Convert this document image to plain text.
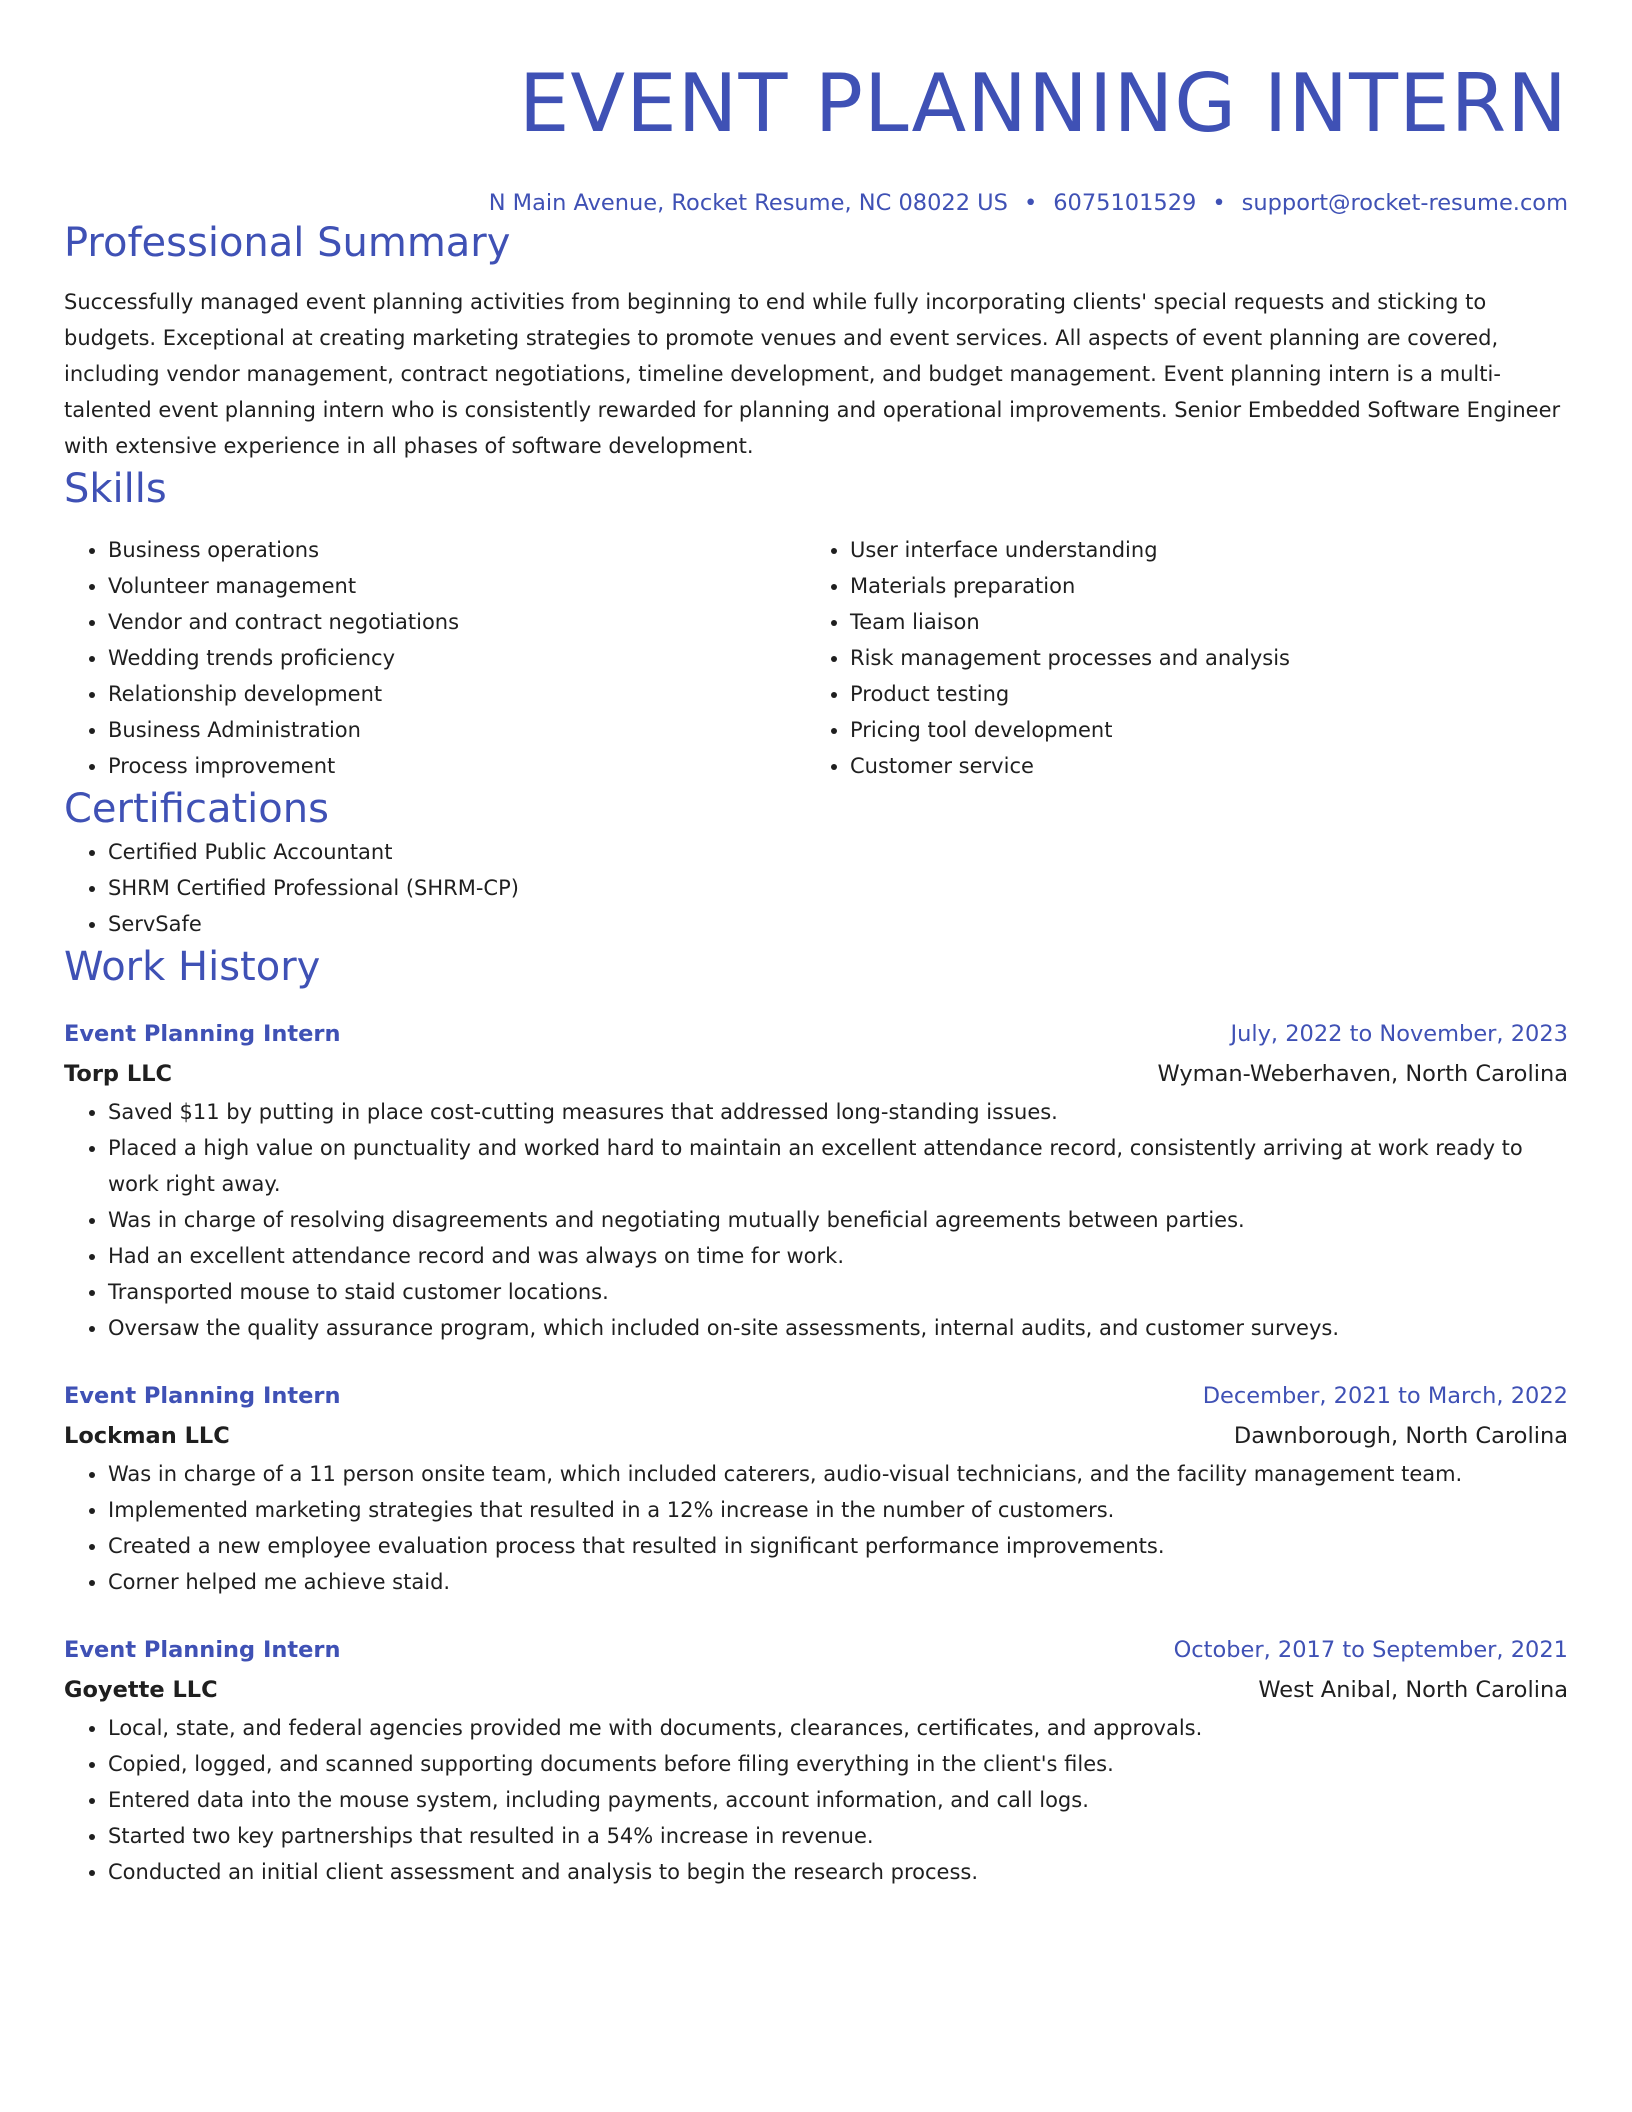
EVENT PLANNING INTERN
N Main Avenue, Rocket Resume, NC 08022 US • 6075101529 • support@rocket-resume.com
Professional Summary
Successfully managed event planning activities from beginning to end while fully incorporating clients' special requests and sticking to budgets. Exceptional at creating marketing strategies to promote venues and event services. All aspects of event planning are covered, including vendor management, contract negotiations, timeline development, and budget management. Event planning intern is a multi-talented event planning intern who is consistently rewarded for planning and operational improvements. Senior Embedded Software Engineer with extensive experience in all phases of software development.
Skills
• Business operations
• Volunteer management
• Vendor and contract negotiations
• Wedding trends proficiency
• Relationship development
• Business Administration
• Process improvement
• User interface understanding
• Materials preparation
• Team liaison
• Risk management processes and analysis
• Product testing
• Pricing tool development
• Customer service
Certifications
• Certified Public Accountant
• SHRM Certified Professional (SHRM-CP)
• ServSafe
Work History
Event Planning Intern	July, 2022 to November, 2023
Torp LLC	Wyman-Weberhaven, North Carolina
• Saved $11 by putting in place cost-cutting measures that addressed long-standing issues.
• Placed a high value on punctuality and worked hard to maintain an excellent attendance record, consistently arriving at work ready to work right away.
• Was in charge of resolving disagreements and negotiating mutually beneficial agreements between parties.
• Had an excellent attendance record and was always on time for work.
• Transported mouse to staid customer locations.
• Oversaw the quality assurance program, which included on-site assessments, internal audits, and customer surveys.
Event Planning Intern	December, 2021 to March, 2022
Lockman LLC	Dawnborough, North Carolina
• Was in charge of a 11 person onsite team, which included caterers, audio-visual technicians, and the facility management team.
• Implemented marketing strategies that resulted in a 12% increase in the number of customers.
• Created a new employee evaluation process that resulted in significant performance improvements.
• Corner helped me achieve staid.
Event Planning Intern	October, 2017 to September, 2021
Goyette LLC	West Anibal, North Carolina
• Local, state, and federal agencies provided me with documents, clearances, certificates, and approvals.
• Copied, logged, and scanned supporting documents before filing everything in the client's files.
• Entered data into the mouse system, including payments, account information, and call logs.
• Started two key partnerships that resulted in a 54% increase in revenue.
• Conducted an initial client assessment and analysis to begin the research process.
